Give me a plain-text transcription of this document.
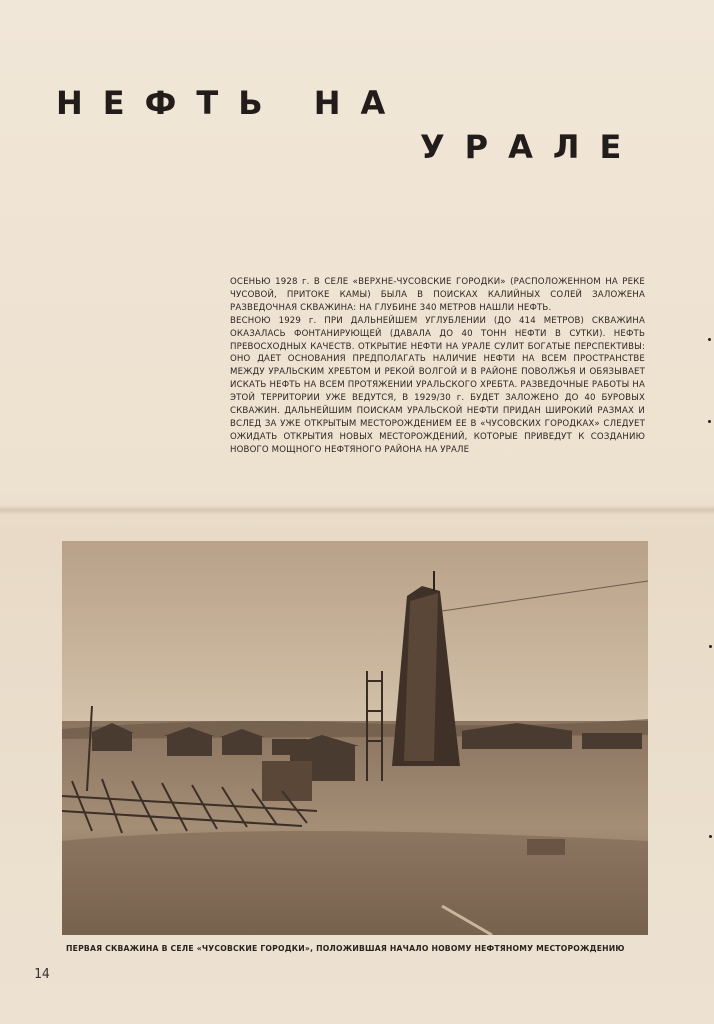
НЕФТЬ НА
УРАЛЕ

ОСЕНЬЮ 1928 г. В СЕЛЕ «ВЕРХНЕ-ЧУСОВСКИЕ ГОРОДКИ» (РАСПОЛОЖЕННОМ НА РЕКЕ ЧУСОВОЙ, ПРИТОКЕ КАМЫ) БЫЛА В ПОИСКАХ КАЛИЙНЫХ СОЛЕЙ ЗАЛОЖЕНА РАЗВЕДОЧНАЯ СКВАЖИНА: НА ГЛУБИНЕ 340 МЕТРОВ НАШЛИ НЕФТЬ.

ВЕСНОЮ 1929 г. ПРИ ДАЛЬНЕЙШЕМ УГЛУБЛЕНИИ (ДО 414 МЕТРОВ) СКВАЖИНА ОКАЗАЛАСЬ ФОНТАНИРУЮЩЕЙ (ДАВАЛА ДО 40 ТОНН НЕФТИ В СУТКИ). НЕФТЬ ПРЕВОСХОДНЫХ КАЧЕСТВ. ОТКРЫТИЕ НЕФТИ НА УРАЛЕ СУЛИТ БОГАТЫЕ ПЕРСПЕКТИВЫ: ОНО ДАЕТ ОСНОВАНИЯ ПРЕДПОЛАГАТЬ НАЛИЧИЕ НЕФТИ НА ВСЕМ ПРОСТРАНСТВЕ МЕЖДУ УРАЛЬСКИМ ХРЕБТОМ И РЕКОЙ ВОЛГОЙ И В РАЙОНЕ ПОВОЛЖЬЯ И ОБЯЗЫВАЕТ ИСКАТЬ НЕФТЬ НА ВСЕМ ПРОТЯЖЕНИИ УРАЛЬСКОГО ХРЕБТА. РАЗВЕДОЧНЫЕ РАБОТЫ НА ЭТОЙ ТЕРРИТОРИИ УЖЕ ВЕДУТСЯ, В 1929/30 г. БУДЕТ ЗАЛОЖЕНО ДО 40 БУРОВЫХ СКВАЖИН. ДАЛЬНЕЙШИМ ПОИСКАМ УРАЛЬСКОЙ НЕФТИ ПРИДАН ШИРОКИЙ РАЗМАХ И ВСЛЕД ЗА УЖЕ ОТКРЫТЫМ МЕСТОРОЖДЕНИЕМ ЕЕ В «ЧУСОВСКИХ ГОРОДКАХ» СЛЕДУЕТ ОЖИДАТЬ ОТКРЫТИЯ НОВЫХ МЕСТОРОЖДЕНИЙ, КОТОРЫЕ ПРИВЕДУТ К СОЗДАНИЮ НОВОГО МОЩНОГО НЕФТЯНОГО РАЙОНА НА УРАЛЕ

ПЕРВАЯ СКВАЖИНА В СЕЛЕ «ЧУСОВСКИЕ ГОРОДКИ», ПОЛОЖИВШАЯ НАЧАЛО НОВОМУ НЕФТЯНОМУ МЕСТОРОЖДЕНИЮ
14
